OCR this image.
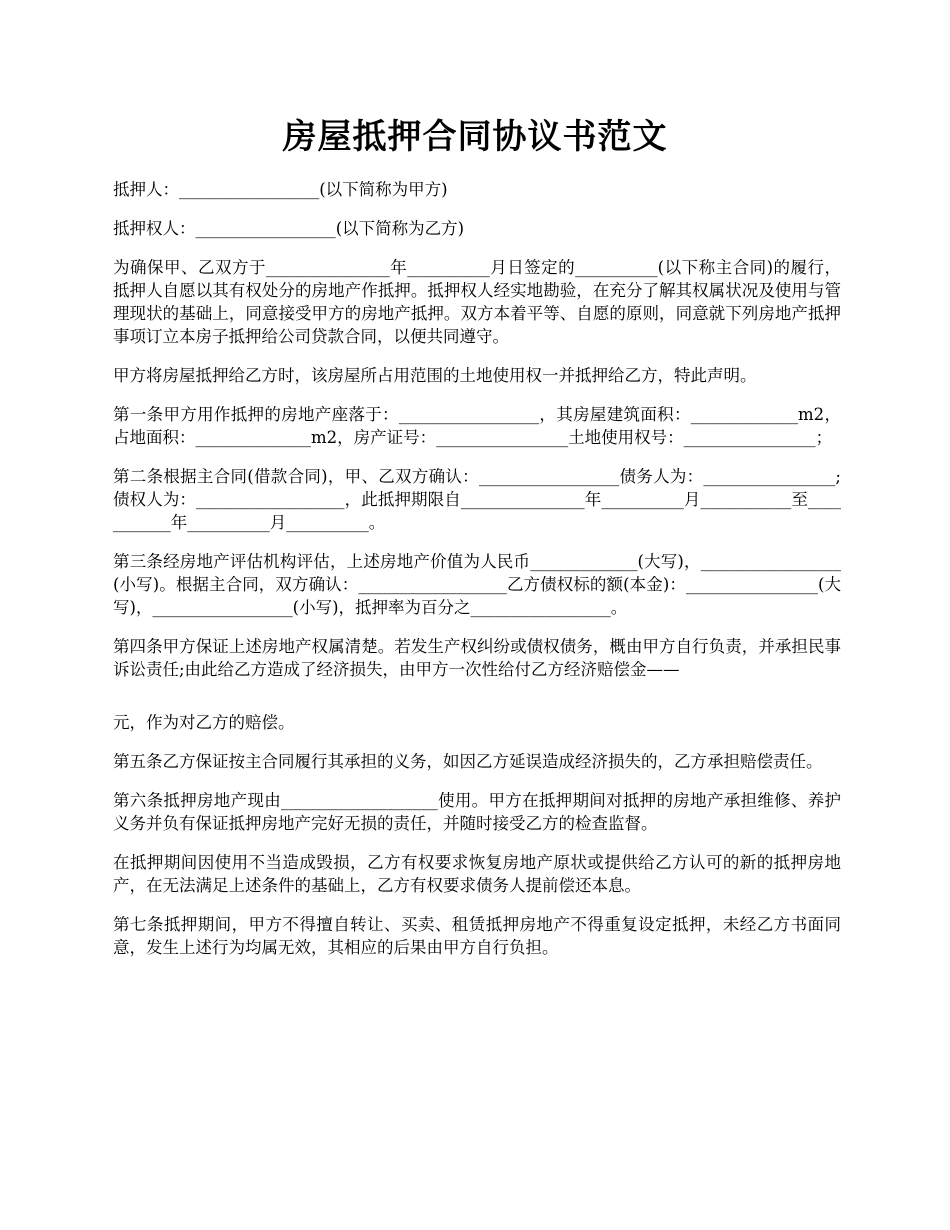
房屋抵押合同协议书范文

抵押人：_________________(以下简称为甲方)

抵押权人：_________________(以下简称为乙方)

为确保甲、乙双方于_______________年__________月日签定的__________(以下称主合同)的履行，抵押人自愿以其有权处分的房地产作抵押。抵押权人经实地勘验，在充分了解其权属状况及使用与管理现状的基础上，同意接受甲方的房地产抵押。双方本着平等、自愿的原则，同意就下列房地产抵押事项订立本房子抵押给公司贷款合同，以便共同遵守。

甲方将房屋抵押给乙方时，该房屋所占用范围的土地使用权一并抵押给乙方，特此声明。

第一条甲方用作抵押的房地产座落于：_________________，其房屋建筑面积：_____________m2，占地面积：______________m2，房产证号：________________土地使用权号：________________；

第二条根据主合同(借款合同)，甲、乙双方确认：_________________债务人为：________________;债权人为：__________________，此抵押期限自_______________年__________月___________至___________年__________月__________。

第三条经房地产评估机构评估，上述房地产价值为人民币_____________(大写)，_________________(小写)。根据主合同，双方确认：__________________乙方债权标的额(本金)：________________(大写)，_________________(小写)，抵押率为百分之_________________。

第四条甲方保证上述房地产权属清楚。若发生产权纠纷或债权债务，概由甲方自行负责，并承担民事诉讼责任;由此给乙方造成了经济损失，由甲方一次性给付乙方经济赔偿金——

元，作为对乙方的赔偿。

第五条乙方保证按主合同履行其承担的义务，如因乙方延误造成经济损失的，乙方承担赔偿责任。

第六条抵押房地产现由___________________使用。甲方在抵押期间对抵押的房地产承担维修、养护义务并负有保证抵押房地产完好无损的责任，并随时接受乙方的检查监督。

在抵押期间因使用不当造成毁损，乙方有权要求恢复房地产原状或提供给乙方认可的新的抵押房地产，在无法满足上述条件的基础上，乙方有权要求债务人提前偿还本息。

第七条抵押期间，甲方不得擅自转让、买卖、租赁抵押房地产不得重复设定抵押，未经乙方书面同意，发生上述行为均属无效，其相应的后果由甲方自行负担。
